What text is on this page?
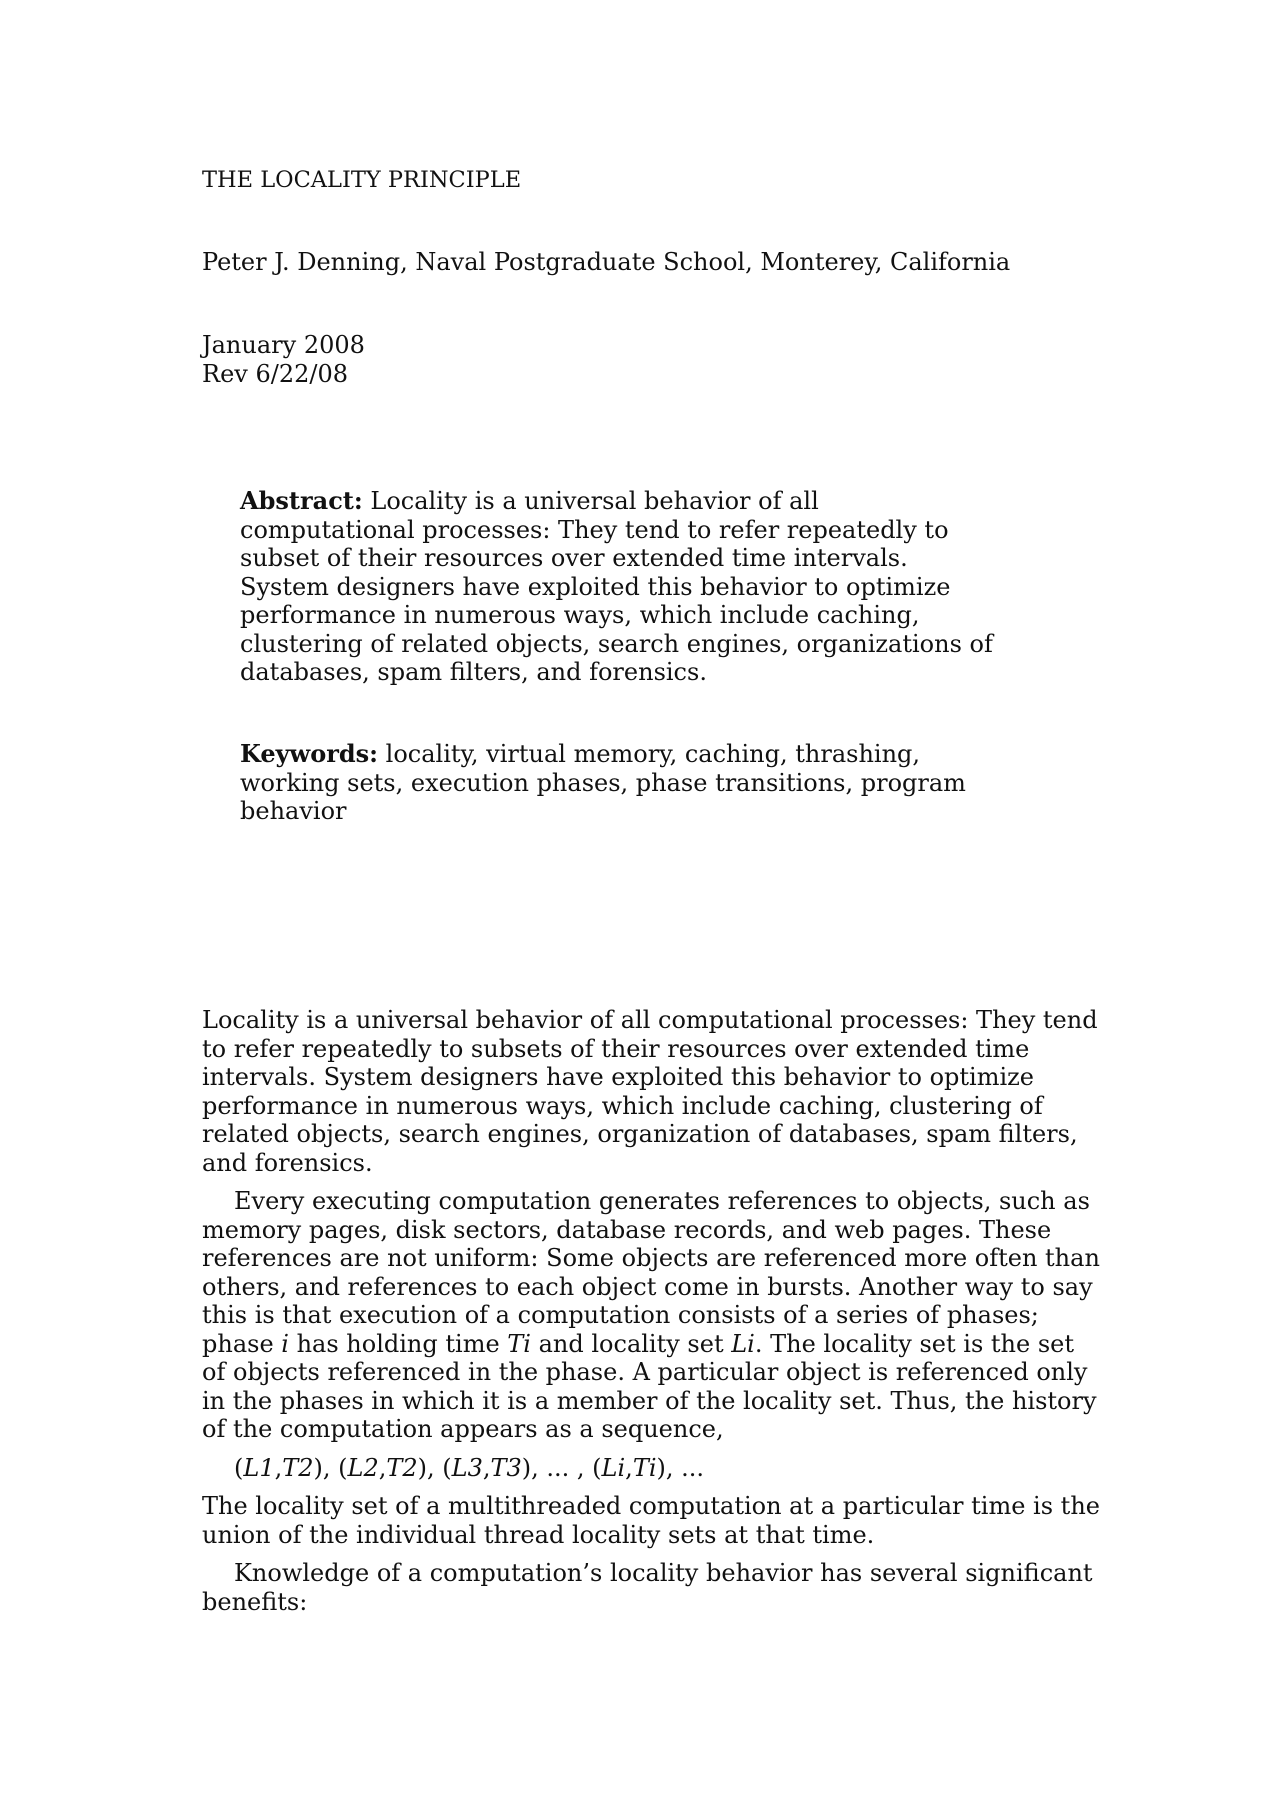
THE LOCALITY PRINCIPLE
Peter J. Denning, Naval Postgraduate School, Monterey, California
January 2008
Rev 6/22/08
Abstract: Locality is a universal behavior of all computational processes: They tend to refer repeatedly to subset of their resources over extended time intervals. System designers have exploited this behavior to optimize performance in numerous ways, which include caching, clustering of related objects, search engines, organizations of databases, spam filters, and forensics.
Keywords: locality, virtual memory, caching, thrashing, working sets, execution phases, phase transitions, program behavior

Locality is a universal behavior of all computational processes: They tend to refer repeatedly to subsets of their resources over extended time intervals. System designers have exploited this behavior to optimize performance in numerous ways, which include caching, clustering of related objects, search engines, organization of databases, spam filters, and forensics.

Every executing computation generates references to objects, such as memory pages, disk sectors, database records, and web pages. These references are not uniform: Some objects are referenced more often than others, and references to each object come in bursts. Another way to say this is that execution of a computation consists of a series of phases; phase i has holding time Ti and locality set Li. The locality set is the set of objects referenced in the phase. A particular object is referenced only in the phases in which it is a member of the locality set. Thus, the history of the computation appears as a sequence,

(L1,T2), (L2,T2), (L3,T3), ... , (Li,Ti), ...

The locality set of a multithreaded computation at a particular time is the union of the individual thread locality sets at that time.

Knowledge of a computation’s locality behavior has several significant benefits:
